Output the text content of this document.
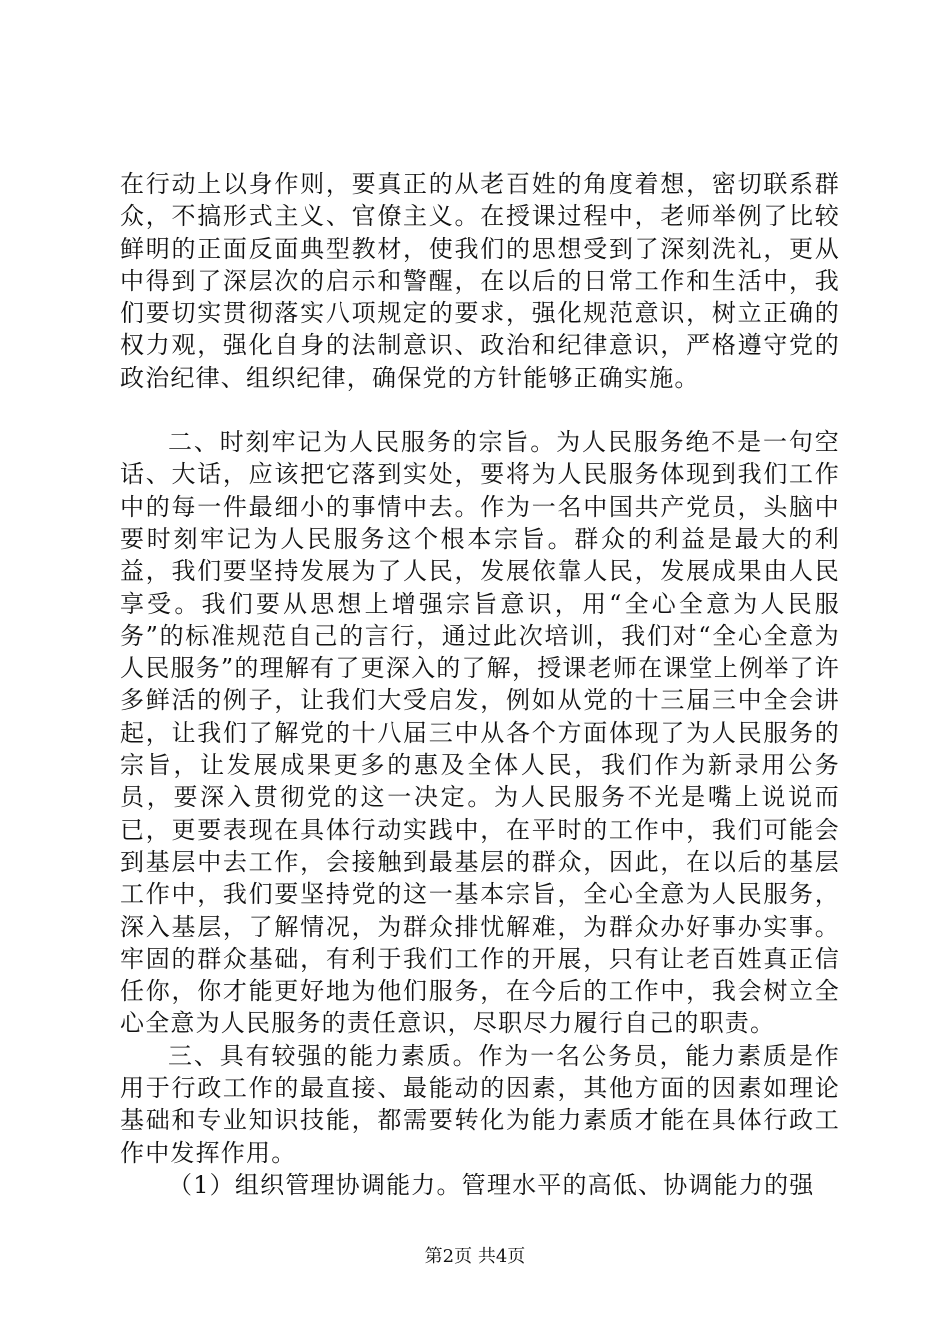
在行动上以身作则，要真正的从老百姓的角度着想，密切联系群众，不搞形式主义、官僚主义。在授课过程中，老师举例了比较鲜明的正面反面典型教材，使我们的思想受到了深刻洗礼，更从中得到了深层次的启示和警醒，在以后的日常工作和生活中，我们要切实贯彻落实八项规定的要求，强化规范意识，树立正确的权力观，强化自身的法制意识、政治和纪律意识，严格遵守党的政治纪律、组织纪律，确保党的方针能够正确实施。

二、时刻牢记为人民服务的宗旨。为人民服务绝不是一句空话、大话，应该把它落到实处，要将为人民服务体现到我们工作中的每一件最细小的事情中去。作为一名中国共产党员，头脑中要时刻牢记为人民服务这个根本宗旨。群众的利益是最大的利益，我们要坚持发展为了人民，发展依靠人民，发展成果由人民享受。我们要从思想上增强宗旨意识，用“全心全意为人民服务”的标准规范自己的言行，通过此次培训，我们对“全心全意为人民服务”的理解有了更深入的了解，授课老师在课堂上例举了许多鲜活的例子，让我们大受启发，例如从党的十三届三中全会讲起，让我们了解党的十八届三中从各个方面体现了为人民服务的宗旨，让发展成果更多的惠及全体人民，我们作为新录用公务员，要深入贯彻党的这一决定。为人民服务不光是嘴上说说而已，更要表现在具体行动实践中，在平时的工作中，我们可能会到基层中去工作，会接触到最基层的群众，因此，在以后的基层工作中，我们要坚持党的这一基本宗旨，全心全意为人民服务，深入基层，了解情况，为群众排忧解难，为群众办好事办实事。牢固的群众基础，有利于我们工作的开展，只有让老百姓真正信任你，你才能更好地为他们服务，在今后的工作中，我会树立全心全意为人民服务的责任意识，尽职尽力履行自己的职责。

三、具有较强的能力素质。作为一名公务员，能力素质是作用于行政工作的最直接、最能动的因素，其他方面的因素如理论基础和专业知识技能，都需要转化为能力素质才能在具体行政工作中发挥作用。

（1）组织管理协调能力。管理水平的高低、协调能力的强

第2页 共4页
